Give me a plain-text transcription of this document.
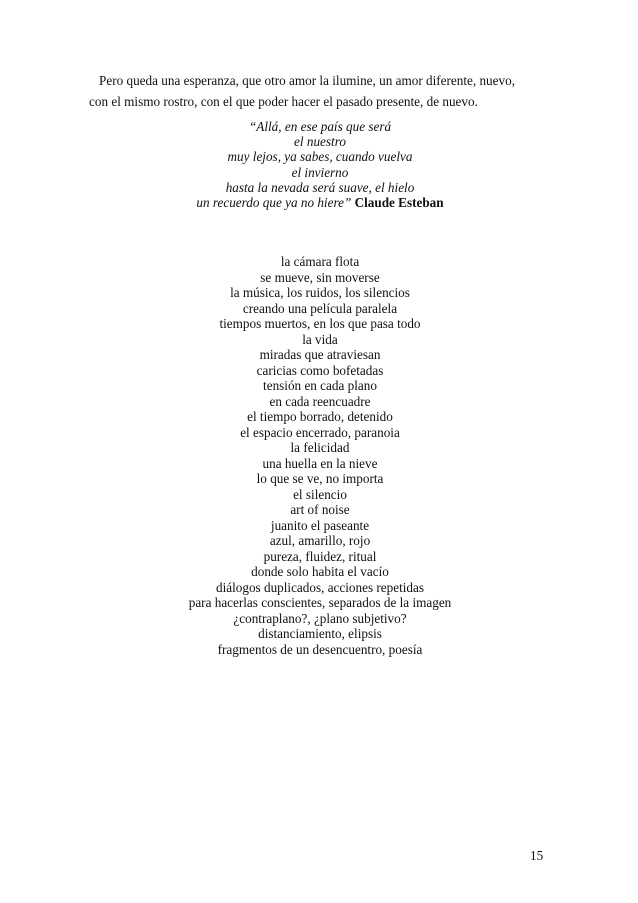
Pero queda una esperanza, que otro amor la ilumine, un amor diferente, nuevo,
con el mismo rostro, con el que poder hacer el pasado presente, de nuevo.
“Allá, en ese país que será
el nuestro
muy lejos, ya sabes, cuando vuelva
el invierno
hasta la nevada será suave, el hielo
un recuerdo que ya no hiere” Claude Esteban
la cámara flota
se mueve, sin moverse
la música, los ruidos, los silencios
creando una película paralela
tiempos muertos, en los que pasa todo
la vida
miradas que atraviesan
caricias como bofetadas
tensión en cada plano
en cada reencuadre
el tiempo borrado, detenido
el espacio encerrado, paranoia
la felicidad
una huella en la nieve
lo que se ve, no importa
el silencio
art of noise
juanito el paseante
azul, amarillo, rojo
pureza, fluidez, ritual
donde solo habita el vacío
diálogos duplicados, acciones repetidas
para hacerlas conscientes, separados de la imagen
¿contraplano?, ¿plano subjetivo?
distanciamiento, elipsis
fragmentos de un desencuentro, poesía
15
